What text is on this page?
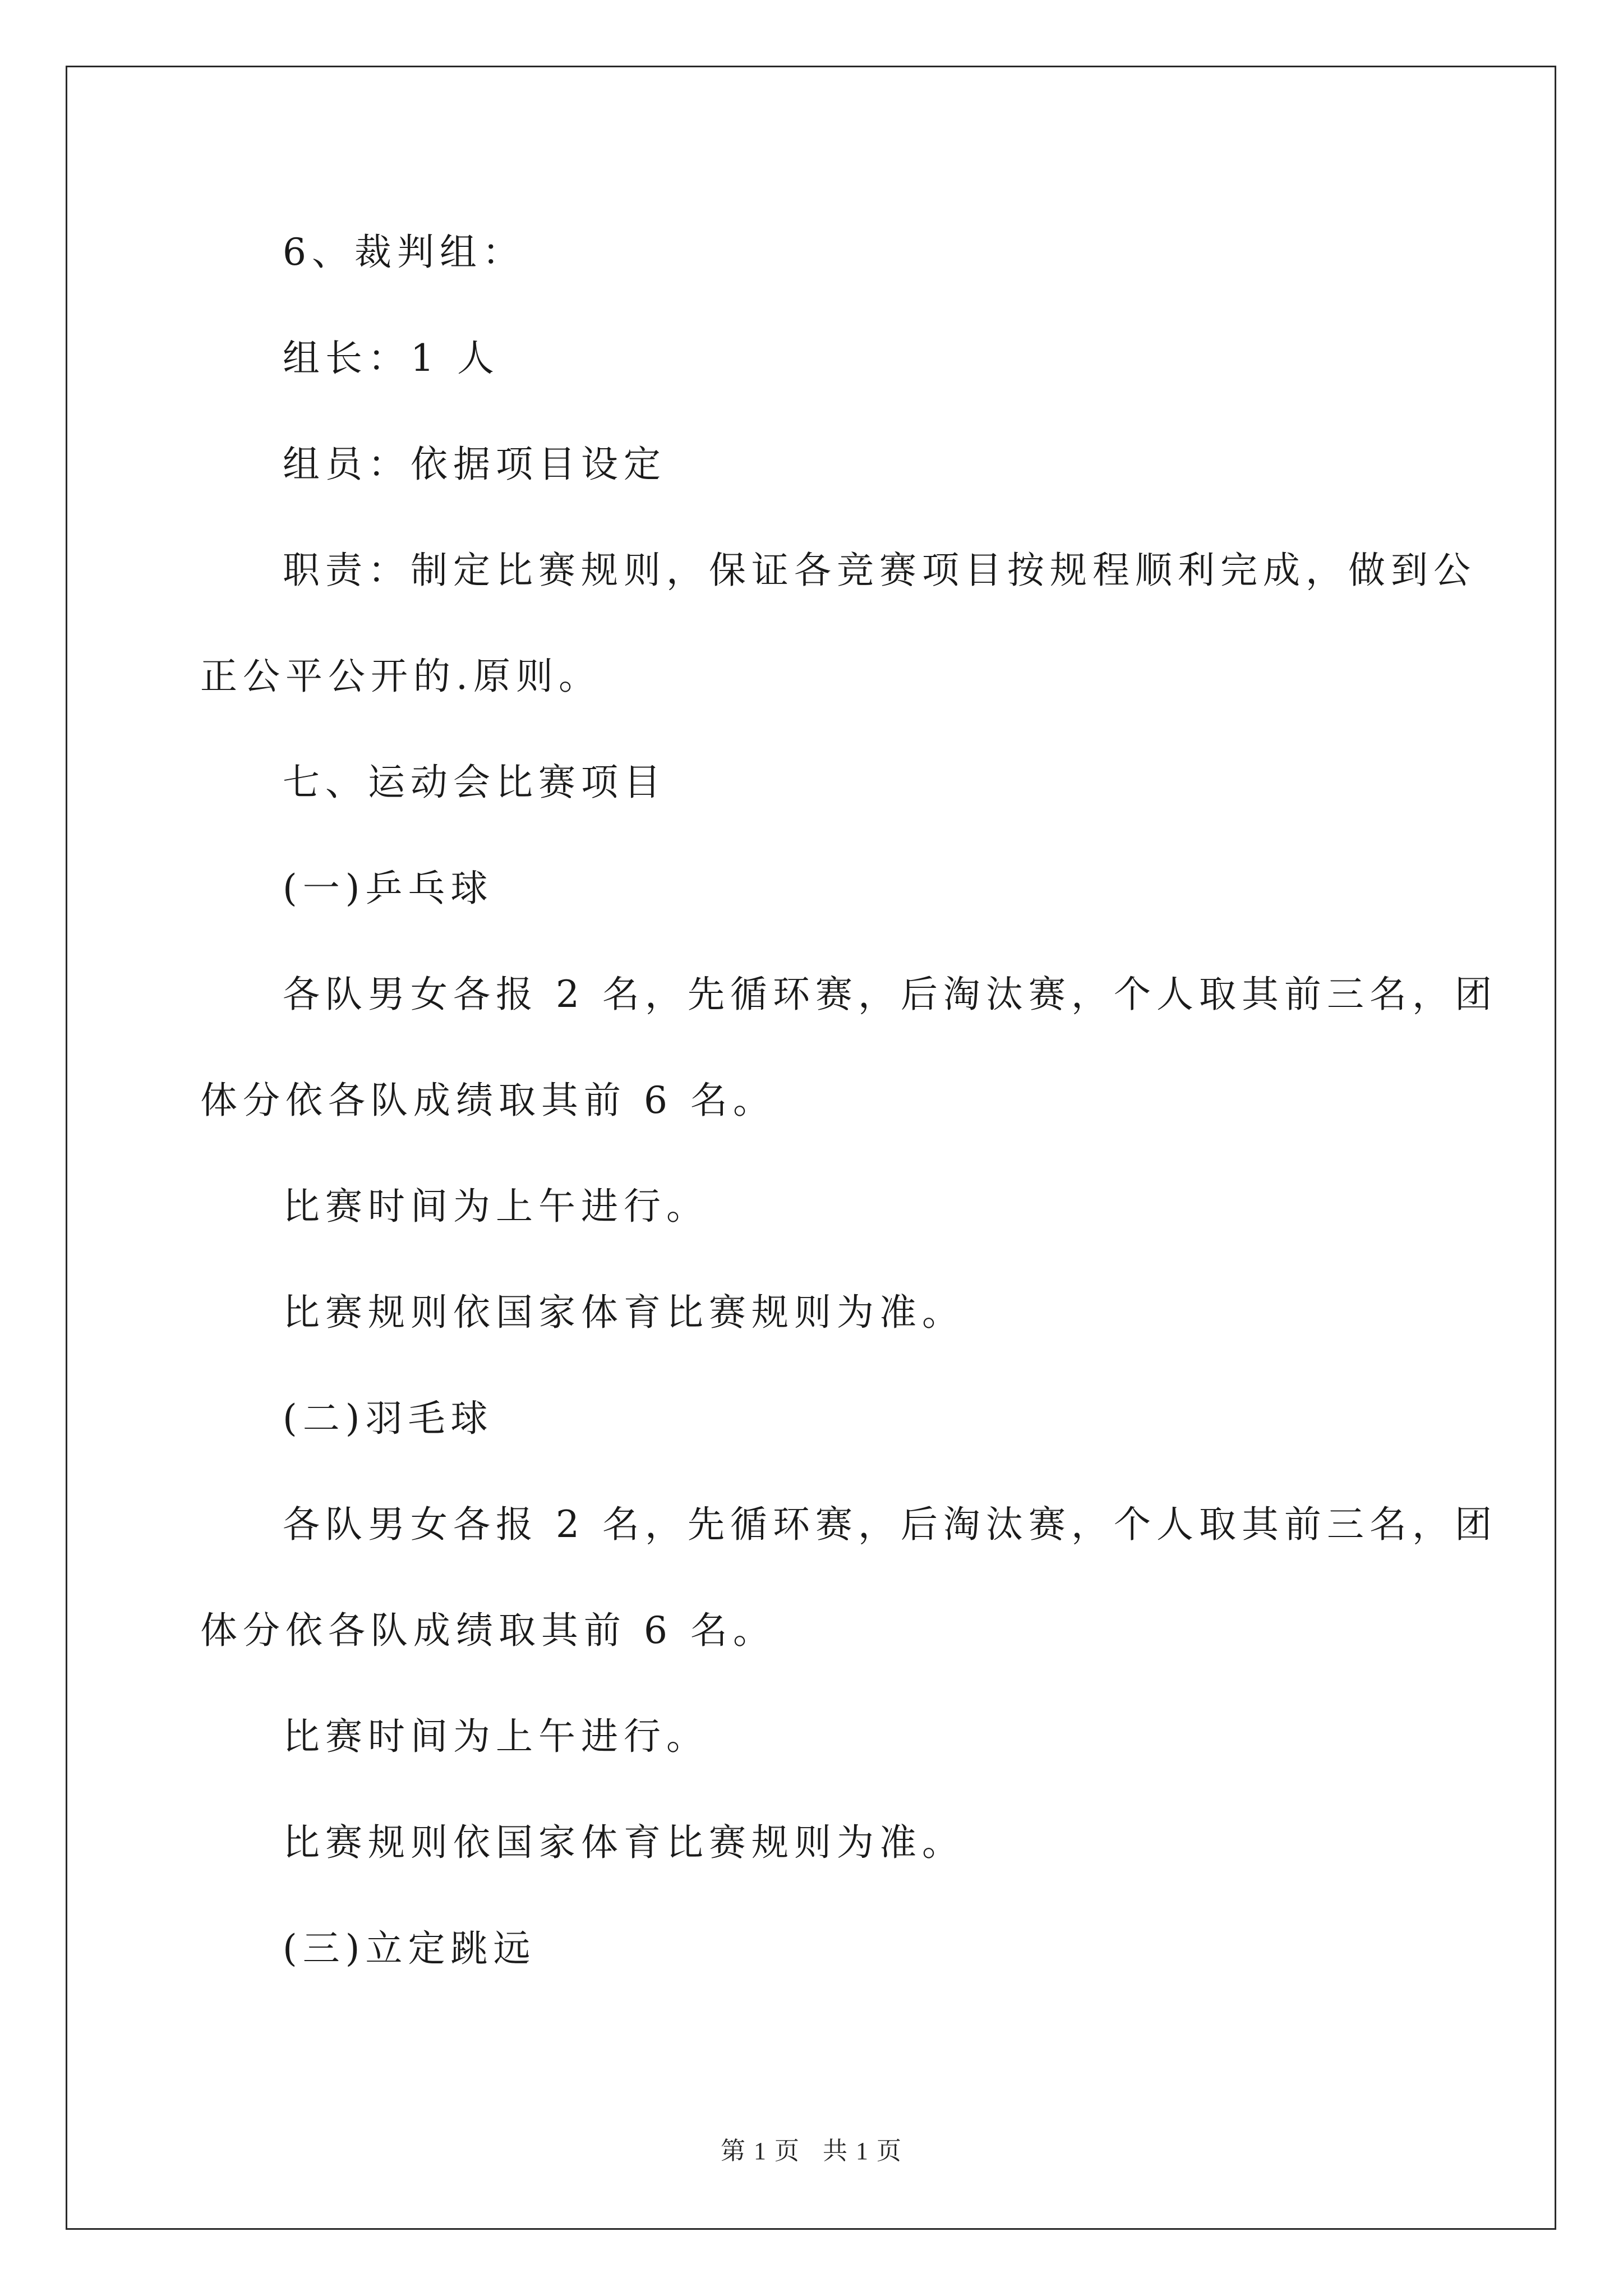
6、裁判组：
组长：1 人
组员：依据项目设定
职责：制定比赛规则，保证各竞赛项目按规程顺利完成，做到公
正公平公开的.原则。
七、运动会比赛项目
(一)乒乓球
各队男女各报 2 名，先循环赛，后淘汰赛，个人取其前三名，团
体分依各队成绩取其前 6 名。
比赛时间为上午进行。
比赛规则依国家体育比赛规则为准。
(二)羽毛球
各队男女各报 2 名，先循环赛，后淘汰赛，个人取其前三名，团
体分依各队成绩取其前 6 名。
比赛时间为上午进行。
比赛规则依国家体育比赛规则为准。
(三)立定跳远
第 1 页 共 1 页
